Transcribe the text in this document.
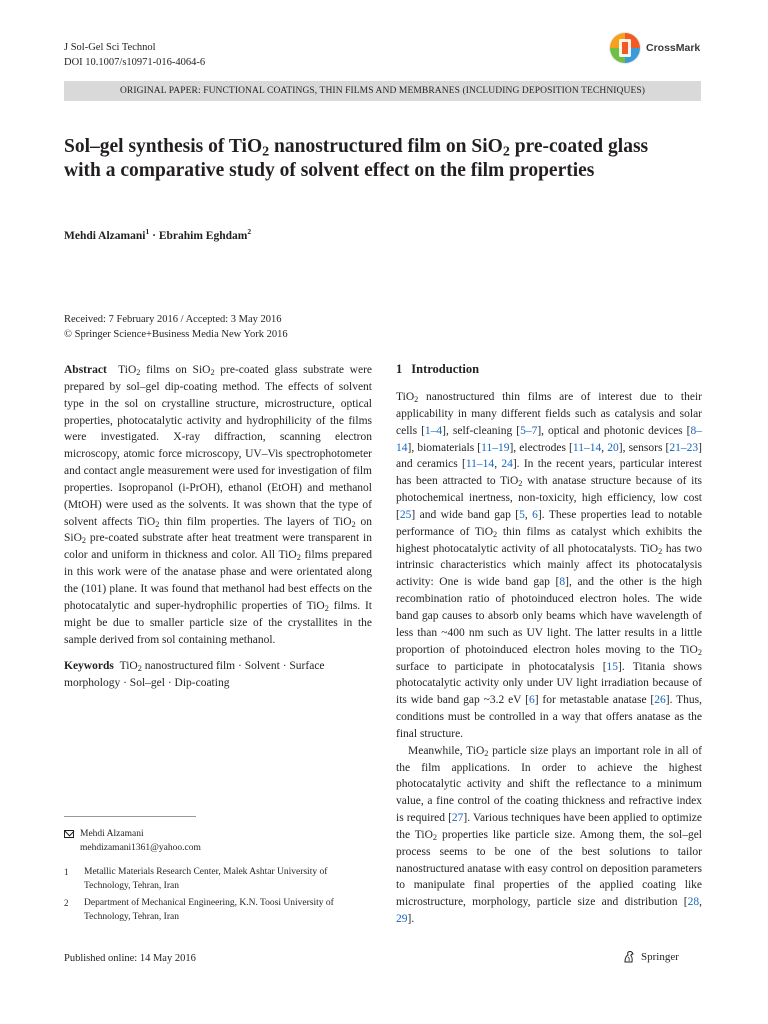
J Sol-Gel Sci Technol
DOI 10.1007/s10971-016-4064-6
CrossMark
ORIGINAL PAPER: FUNCTIONAL COATINGS, THIN FILMS AND MEMBRANES (INCLUDING DEPOSITION TECHNIQUES)
Sol–gel synthesis of TiO$_2$ nanostructured film on SiO$_2$ pre-coated glass with a comparative study of solvent effect on the film properties
Mehdi Alzamani$^1$ · Ebrahim Eghdam$^2$
Received: 7 February 2016 / Accepted: 3 May 2016
© Springer Science+Business Media New York 2016

Abstract TiO$_2$ films on SiO$_2$ pre-coated glass substrate were prepared by sol–gel dip-coating method. The effects of solvent type in the sol on crystalline structure, microstructure, optical properties, photocatalytic activity and hydrophilicity of the films were investigated. X-ray diffraction, scanning electron microscopy, atomic force microscopy, UV–Vis spectrophotometer and contact angle measurement were used for investigation of film properties. Isopropanol (i-PrOH), ethanol (EtOH) and methanol (MtOH) were used as the solvents. It was shown that the type of solvent affects TiO$_2$ thin film properties. The layers of TiO$_2$ on SiO$_2$ pre-coated substrate after heat treatment were transparent in color and uniform in thickness and color. All TiO$_2$ films prepared in this work were of the anatase phase and were orientated along the (101) plane. It was found that methanol had best effects on the photocatalytic and super-hydrophilic properties of TiO$_2$ films. It might be due to smaller particle size of the crystallites in the sample derived from sol containing methanol.

Keywords TiO$_2$ nanostructured film · Solvent · Surface morphology · Sol–gel · Dip-coating

1 Introduction

TiO$_2$ nanostructured thin films are of interest due to their applicability in many different fields such as catalysis and solar cells [1–4], self-cleaning [5–7], optical and photonic devices [8–14], biomaterials [11–19], electrodes [11–14, 20], sensors [21–23] and ceramics [11–14, 24]. In the recent years, particular interest has been attracted to TiO$_2$ with anatase structure because of its photochemical inertness, non-toxicity, high efficiency, low cost [25] and wide band gap [5, 6]. These properties lead to notable performance of TiO$_2$ thin films as catalyst which exhibits the highest photocatalytic activity of all photocatalysts. TiO$_2$ has two intrinsic characteristics which mainly affect its photocatalysis activity: One is wide band gap [8], and the other is the high recombination ratio of photoinduced electron holes. The wide band gap causes to absorb only beams which have wavelength of less than ~400 nm such as UV light. The latter results in a little proportion of photoinduced electron holes moving to the TiO$_2$ surface to participate in photocatalysis [15]. Titania shows photocatalytic activity only under UV light irradiation because of its wide band gap ~3.2 eV [6] for metastable anatase [26]. Thus, conditions must be controlled in a way that offers anatase as the final structure.

Meanwhile, TiO$_2$ particle size plays an important role in all of the film applications. In order to achieve the highest photocatalytic activity and shift the reflectance to a minimum value, a fine control of the coating thickness and refractive index is required [27]. Various techniques have been applied to optimize the TiO$_2$ properties like particle size. Among them, the sol–gel process seems to be one of the best solutions to tailor nanostructured anatase with easy control on deposition parameters to manipulate final properties of the applied coating like microstructure, morphology, particle size and distribution [28, 29].

Mehdi Alzamani
mehdizamani1361@yahoo.com
1	Metallic Materials Research Center, Malek Ashtar University of Technology, Tehran, Iran
2	Department of Mechanical Engineering, K.N. Toosi University of Technology, Tehran, Iran
Published online: 14 May 2016	Springer
